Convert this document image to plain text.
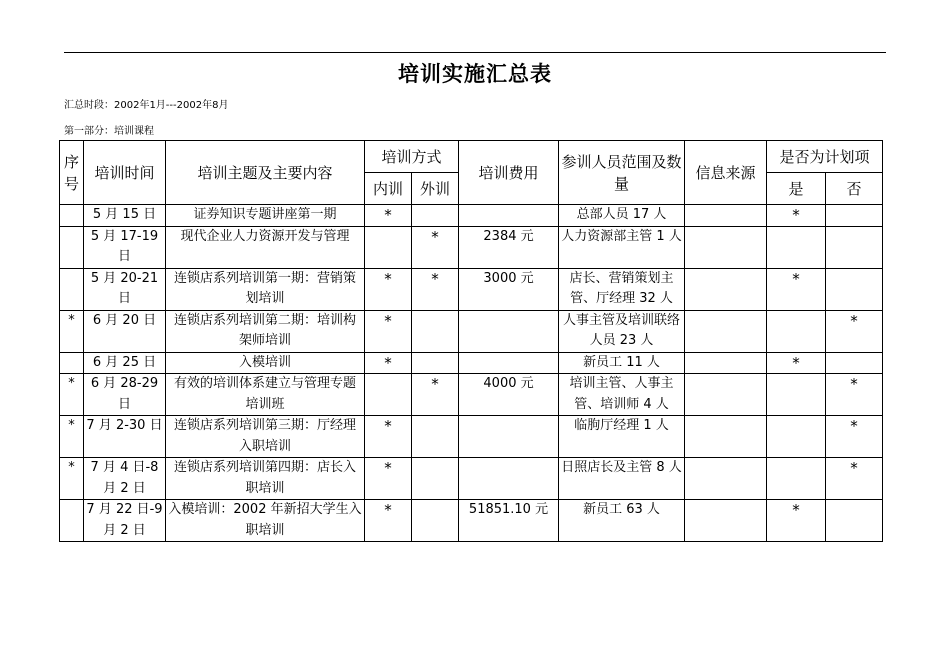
培训实施汇总表
汇总时段：2002年1月---2002年8月
第一部分：培训课程
序号	培训时间	培训主题及主要内容	培训方式		培训费用	参训人员范围及数量	信息来源	是否为计划项	
			内训	外训				是	否
	5 月 15 日	证券知识专题讲座第一期	*			总部人员 17 人		*	
	5 月 17-19 日	现代企业人力资源开发与管理		*	2384 元	人力资源部主管 1 人			
	5 月 20-21 日	连锁店系列培训第一期：营销策划培训	*	*	3000 元	店长、营销策划主管、厅经理 32 人		*	
*	6 月 20 日	连锁店系列培训第二期：培训构架师培训	*			人事主管及培训联络人员 23 人			*
	6 月 25 日	入模培训	*			新员工 11 人		*	
*	6 月 28-29 日	有效的培训体系建立与管理专题培训班		*	4000 元	培训主管、人事主管、培训师 4 人			*
*	7 月 2-30 日	连锁店系列培训第三期：厅经理入职培训	*			临朐厅经理 1 人			*
*	7 月 4 日-8 月 2 日	连锁店系列培训第四期：店长入职培训	*			日照店长及主管 8 人			*
	7 月 22 日-9 月 2 日	入模培训：2002 年新招大学生入职培训	*		51851.10 元	新员工 63 人		*	
